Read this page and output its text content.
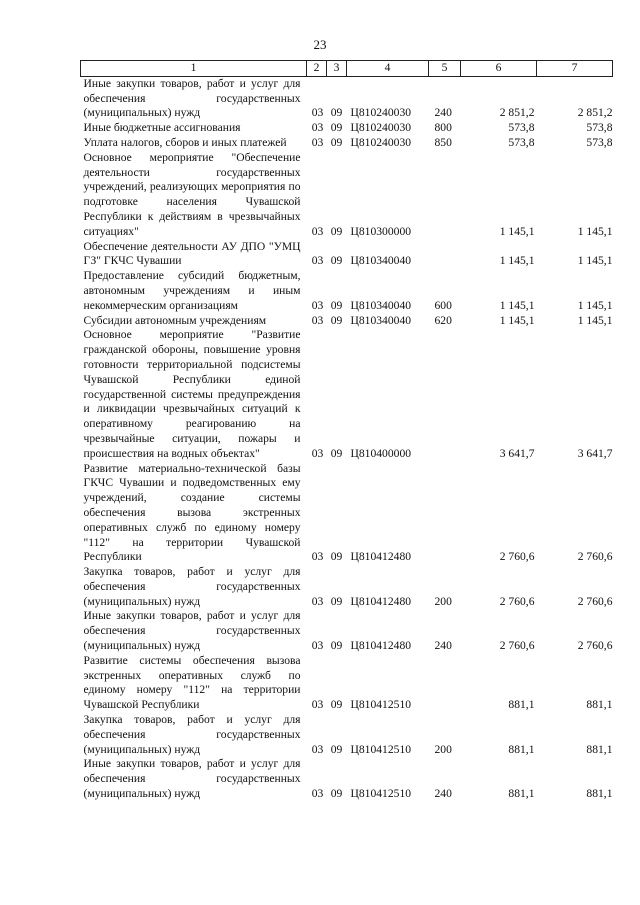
23
1	2	3	4	5	6	7

Иные закупки товаров, работ и услуг для обеспечения государственных (муниципальных) нужд	03	09	Ц810240030	240	2 851,2	2 851,2

Иные бюджетные ассигнования	03	09	Ц810240030	800	573,8	573,8

Уплата налогов, сборов и иных платежей	03	09	Ц810240030	850	573,8	573,8

Основное мероприятие "Обеспечение деятельности государственных учреждений, реализующих мероприятия по подготовке населения Чувашской Республики к действиям в чрезвычайных ситуациях"	03	09	Ц810300000		1 145,1	1 145,1

Обеспечение деятельности АУ ДПО "УМЦ ГЗ" ГКЧС Чувашии	03	09	Ц810340040		1 145,1	1 145,1

Предоставление субсидий бюджетным, автономным учреждениям и иным некоммерческим организациям	03	09	Ц810340040	600	1 145,1	1 145,1

Субсидии автономным учреждениям	03	09	Ц810340040	620	1 145,1	1 145,1

Основное мероприятие "Развитие гражданской обороны, повышение уровня готовности территориальной подсистемы Чувашской Республики единой государственной системы предупреждения и ликвидации чрезвычайных ситуаций к оперативному реагированию на чрезвычайные ситуации, пожары и происшествия на водных объектах"	03	09	Ц810400000		3 641,7	3 641,7

Развитие материально-технической базы ГКЧС Чувашии и подведомственных ему учреждений, создание системы обеспечения вызова экстренных оперативных служб по единому номеру "112" на территории Чувашской Республики	03	09	Ц810412480		2 760,6	2 760,6

Закупка товаров, работ и услуг для обеспечения государственных (муниципальных) нужд	03	09	Ц810412480	200	2 760,6	2 760,6

Иные закупки товаров, работ и услуг для обеспечения государственных (муниципальных) нужд	03	09	Ц810412480	240	2 760,6	2 760,6

Развитие системы обеспечения вызова экстренных оперативных служб по единому номеру "112" на территории Чувашской Республики	03	09	Ц810412510		881,1	881,1

Закупка товаров, работ и услуг для обеспечения государственных (муниципальных) нужд	03	09	Ц810412510	200	881,1	881,1

Иные закупки товаров, работ и услуг для обеспечения государственных (муниципальных) нужд	03	09	Ц810412510	240	881,1	881,1
